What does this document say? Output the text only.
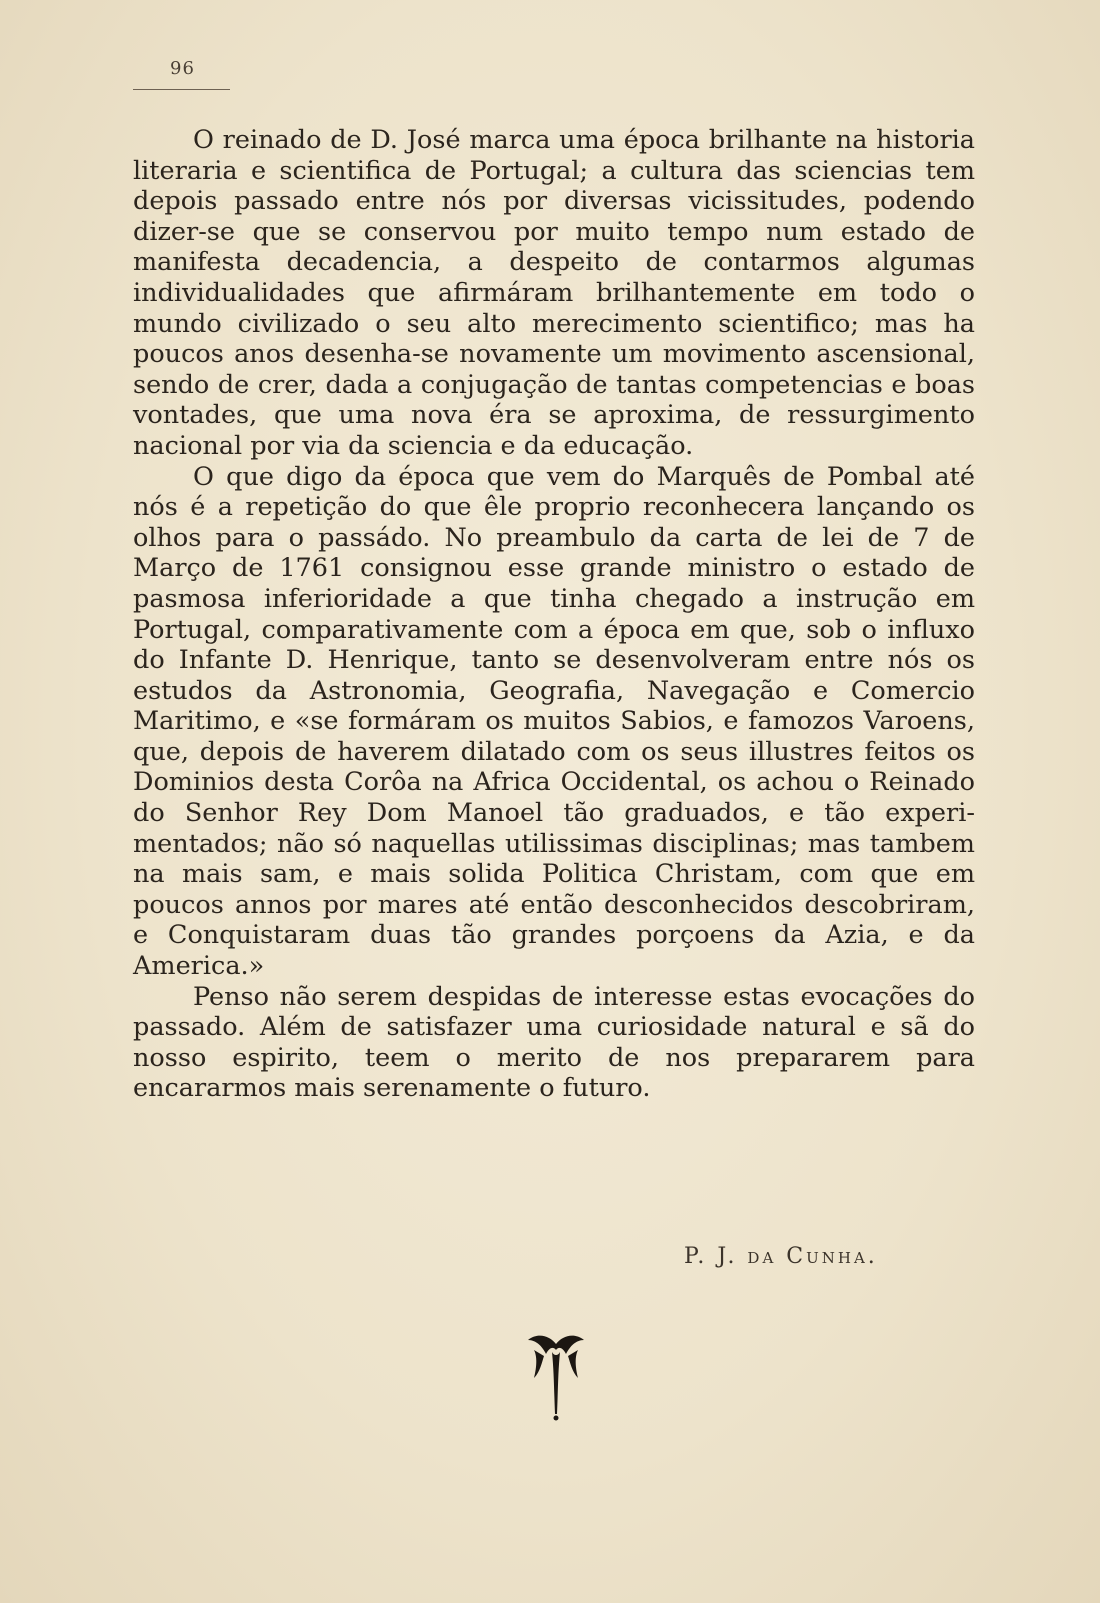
96

O reinado de D. José marca uma época brilhante na historia literaria e scientifica de Portugal; a cultura das sciencias tem depois passado entre nós por diversas vicissitudes, podendo dizer-se que se conservou por muito tempo num estado de manifesta decadencia, a despeito de contarmos algumas individualidades que afirmáram brilhantemente em todo o mundo civilizado o seu alto merecimento scientifico; mas ha poucos anos desenha-se novamente um movimento ascensional, sendo de crer, dada a conjugação de tantas competencias e boas vontades, que uma nova éra se aproxima, de ressurgimento nacional por via da sciencia e da educação.

O que digo da época que vem do Marquês de Pombal até nós é a repetição do que êle proprio reconhecera lançando os olhos para o passádo. No preambulo da carta de lei de 7 de Março de 1761 consignou esse grande ministro o estado de pasmosa inferioridade a que tinha chegado a instrução em Portugal, comparativamente com a época em que, sob o influxo do Infante D. Henrique, tanto se desenvolveram entre nós os estudos da Astronomia, Geografia, Navegação e Comercio Maritimo, e «se formáram os muitos Sabios, e famozos Varoens, que, depois de haverem dilatado com os seus illustres feitos os Dominios desta Corôa na Africa Occidental, os achou o Reinado do Senhor Rey Dom Manoel tão graduados, e tão experimentados; não só naquellas utilissimas disciplinas; mas tambem na mais sam, e mais solida Politica Christam, com que em poucos annos por mares até então desconhecidos descobriram, e Conquistaram duas tão grandes porçoens da Azia, e da America.»

Penso não serem despidas de interesse estas evocações do passado. Além de satisfazer uma curiosidade natural e sã do nosso espirito, teem o merito de nos prepararem para encararmos mais serenamente o futuro.

P. J. da Cunha.
